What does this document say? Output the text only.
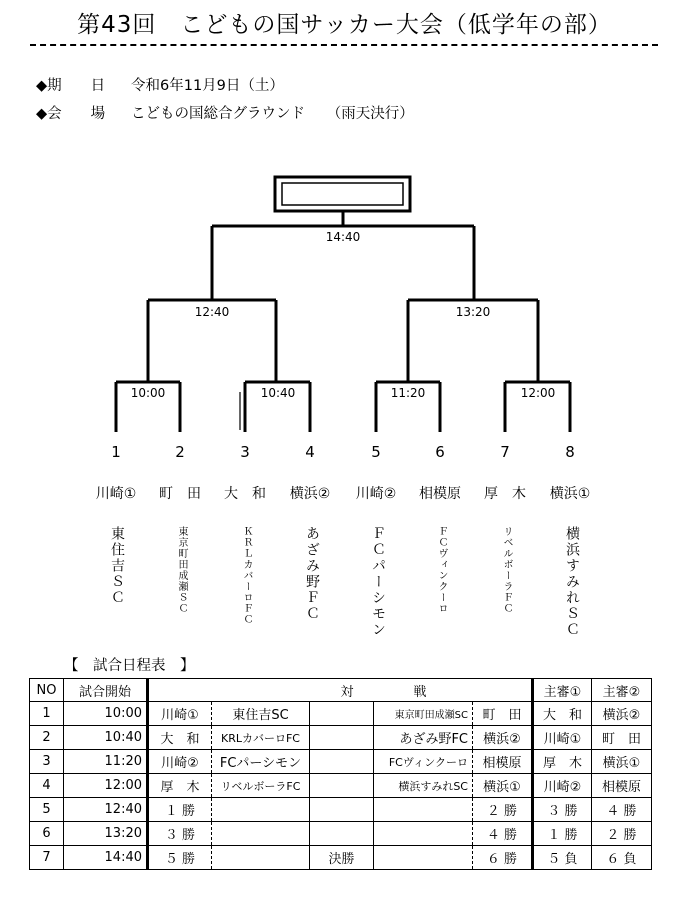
第43回　こどもの国サッカー大会（低学年の部）
◆期　　日 令和6年11月9日（土）
◆会　　場 こどもの国総合グラウンド　　（雨天決行）
14:40
12:40	13:20
10:00	10:40	11:20	12:00
1	2	3	4	5	6	7	8
川崎①	町　田	大　和	横浜②	川崎②	相模原	厚　木	横浜①
東住吉ＳＣ	東京町田成瀬ＳＣ	ＫＲＬカバーロＦＣ	あざみ野ＦＣ	ＦＣパーシモン	ＦＣヴィンクーロ	リベルボーラＦＣ	横浜すみれＳＣ
【　試合日程表　】
NO	試合開始	対			戦		主審①	主審②
1	10:00	川崎①	東住吉SC		東京町田成瀬SC	町　田	大　和	横浜②
2	10:40	大　和	KRLカバーロFC		あざみ野FC	横浜②	川崎①	町　田
3	11:20	川崎②	FCパーシモン		FCヴィンクーロ	相模原	厚　木	横浜①
4	12:00	厚　木	リベルボーラFC		横浜すみれSC	横浜①	川崎②	相模原
5	12:40	１ 勝				２ 勝	３ 勝	４ 勝
6	13:20	３ 勝				４ 勝	１ 勝	２ 勝
7	14:40	５ 勝		決勝		６ 勝	５ 負	６ 負
